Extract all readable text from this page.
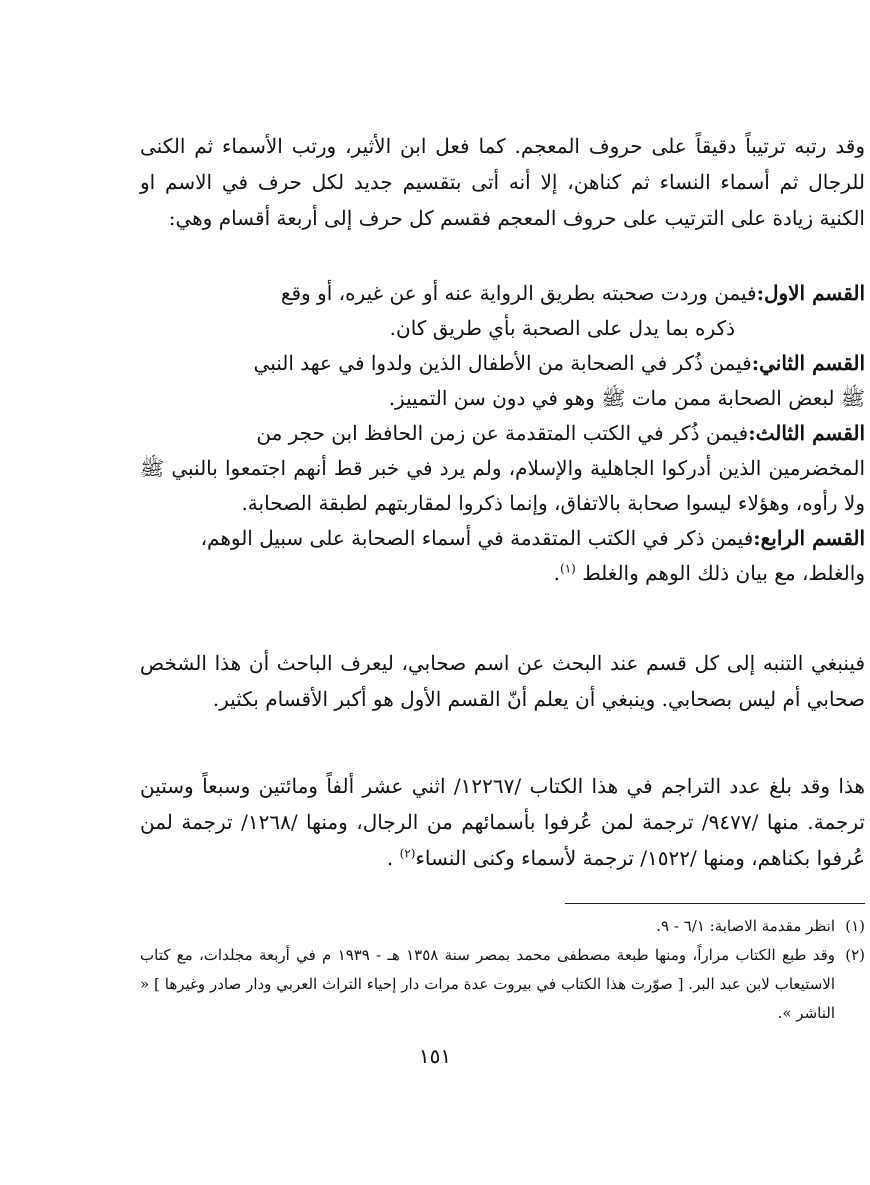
وقد رتبه ترتيباً دقيقاً على حروف المعجم. كما فعل ابن الأثير، ورتب الأسماء ثم الكنى للرجال ثم أسماء النساء ثم كناهن، إلا أنه أتى بتقسيم جديد لكل حرف في الاسم او الكنية زيادة على الترتيب على حروف المعجم فقسم كل حرف إلى أربعة أقسام وهي:

القسم الاول:فيمن وردت صحبته بطريق الرواية عنه أو عن غيره، أو وقع
ذكره بما يدل على الصحبة بأي طريق كان.
القسم الثاني:فيمن ذُكر في الصحابة من الأطفال الذين ولدوا في عهد النبي
ﷺ لبعض الصحابة ممن مات ﷺ وهو في دون سن التمييز.
القسم الثالث:فيمن ذُكر في الكتب المتقدمة عن زمن الحافظ ابن حجر من
المخضرمين الذين أدركوا الجاهلية والإسلام، ولم يرد في خبر قط أنهم اجتمعوا بالنبي ﷺ ولا رأوه، وهؤلاء ليسوا صحابة بالاتفاق، وإنما ذكروا لمقاربتهم لطبقة الصحابة.
القسم الرابع:فيمن ذكر في الكتب المتقدمة في أسماء الصحابة على سبيل الوهم،
والغلط، مع بيان ذلك الوهم والغلط $^{(١)}$.

فينبغي التنبه إلى كل قسم عند البحث عن اسم صحابي، ليعرف الباحث أن هذا الشخص صحابي أم ليس بصحابي. وينبغي أن يعلم أنّ القسم الأول هو أكبر الأقسام بكثير.

هذا وقد بلغ عدد التراجم في هذا الكتاب /١٢٢٦٧/ اثني عشر ألفاً ومائتين وسبعاً وستين ترجمة. منها /٩٤٧٧/ ترجمة لمن عُرفوا بأسمائهم من الرجال، ومنها /١٢٦٨/ ترجمة لمن عُرفوا بكناهم، ومنها /١٥٢٢/ ترجمة لأسماء وكنى النساء$^{(٢)}$ .

(١)
انظر مقدمة الاصابة: ٦/١ - ٩.
(٢)
وقد طبع الكتاب مراراً، ومنها طبعة مصطفى محمد بمصر سنة ١٣٥٨ هـ - ١٩٣٩ م في أربعة مجلدات، مع كتاب الاستيعاب لابن عبد البر. [ صوّرت هذا الكتاب في بيروت عدة مرات دار إحياء التراث العربي ودار صادر وغيرها ] « الناشر ».
١٥١
